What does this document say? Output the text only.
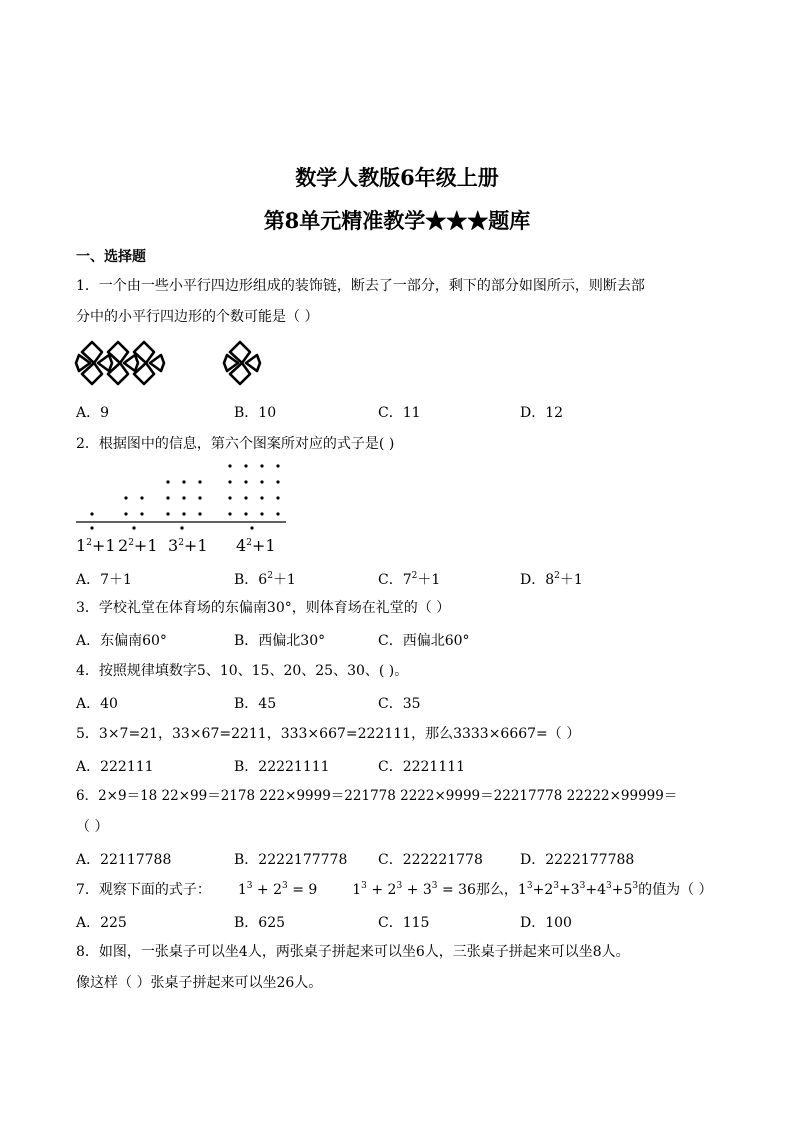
数学人教版6年级上册
第8单元精准教学★★★题库
一、选择题
1．一个由一些小平行四边形组成的装饰链，断去了一部分，剩下的部分如图所示，则断去部
分中的小平行四边形的个数可能是（ ）
A．9	B．10	C．11	D．12
2．根据图中的信息，第六个图案所对应的式子是( )
$1^2+1$ $2^2+1$ $3^2+1$ $4^2+1$
A．7＋1	B．$6^2+1$	C．$7^2+1$	D．$8^2+1$
3．学校礼堂在体育场的东偏南30°，则体育场在礼堂的（ ）
A．东偏南60°	B．西偏北30°	C．西偏北60°
4．按照规律填数字5、10、15、20、25、30、( )。
A．40	B．45	C．35
5．3×7=21，33×67=2211，333×667=222111，那么3333×6667=（ ）
A．222111	B．22221111	C．2221111
6．2×9＝18 22×99＝2178 222×9999＝221778 2222×9999＝22217778 22222×99999＝
（ ）
A．22117788	B．2222177778 C．222221778	D．2222177788
7．观察下面的式子： $1^3 + 2^3 = 9$ $1^3 + 2^3 + 3^3 = 36$那么，$1^3+2^3+3^3+4^3+5^3$的值为（ ）
A．225	B．625	C．115	D．100
8．如图，一张桌子可以坐4人，两张桌子拼起来可以坐6人，三张桌子拼起来可以坐8人。
像这样（ ）张桌子拼起来可以坐26人。
